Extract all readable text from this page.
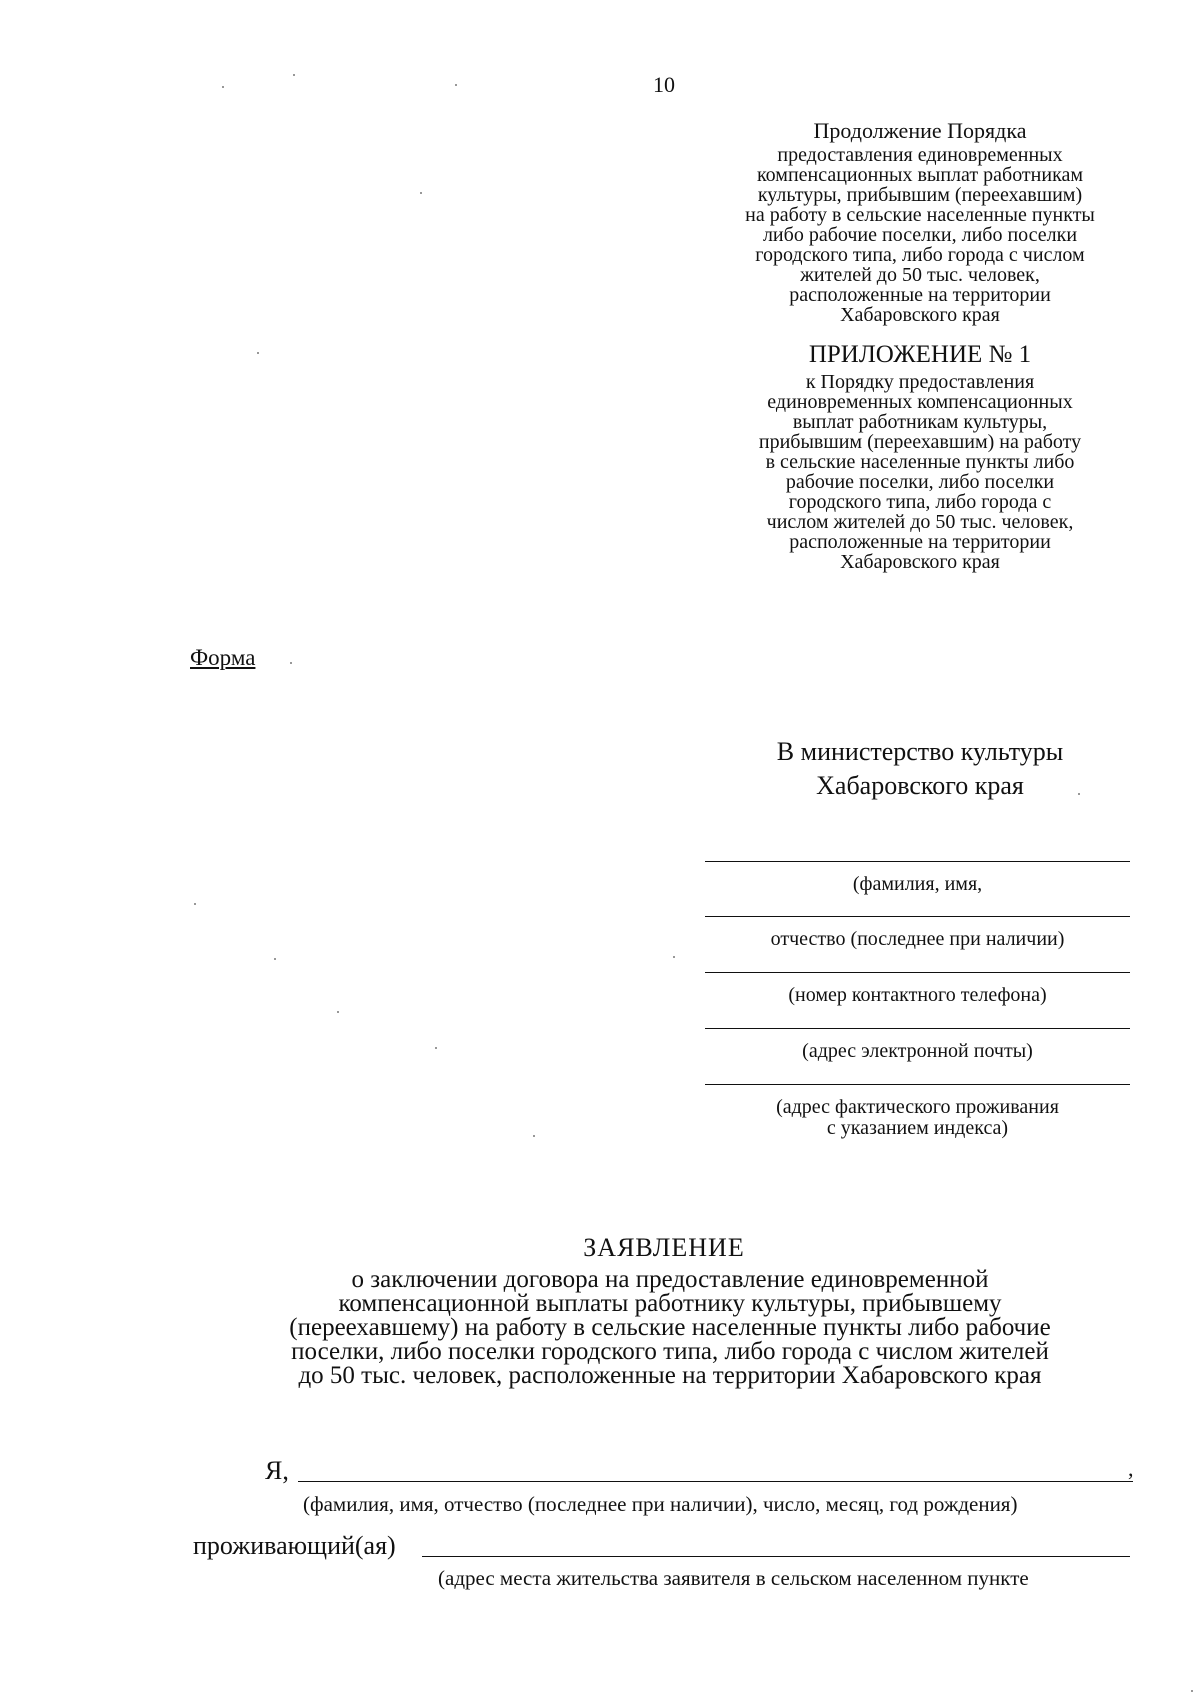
10
Продолжение Порядка
предоставления единовременных
компенсационных выплат работникам
культуры, прибывшим (переехавшим)
на работу в сельские населенные пункты
либо рабочие поселки, либо поселки
городского типа, либо города с числом
жителей до 50 тыс. человек,
расположенные на территории
Хабаровского края
ПРИЛОЖЕНИЕ № 1
к Порядку предоставления
единовременных компенсационных
выплат работникам культуры,
прибывшим (переехавшим) на работу
в сельские населенные пункты либо
рабочие поселки, либо поселки
городского типа, либо города с
числом жителей до 50 тыс. человек,
расположенные на территории
Хабаровского края
Форма
В министерство культуры
Хабаровского края
(фамилия, имя,
отчество (последнее при наличии)
(номер контактного телефона)
(адрес электронной почты)
(адрес фактического проживания
с указанием индекса)
ЗАЯВЛЕНИЕ
о заключении договора на предоставление единовременной
компенсационной выплаты работнику культуры, прибывшему
(переехавшему) на работу в сельские населенные пункты либо рабочие
поселки, либо поселки городского типа, либо города с числом жителей
до 50 тыс. человек, расположенные на территории Хабаровского края
Я,	,
(фамилия, имя, отчество (последнее при наличии), число, месяц, год рождения)
проживающий(ая)
(адрес места жительства заявителя в сельском населенном пункте
